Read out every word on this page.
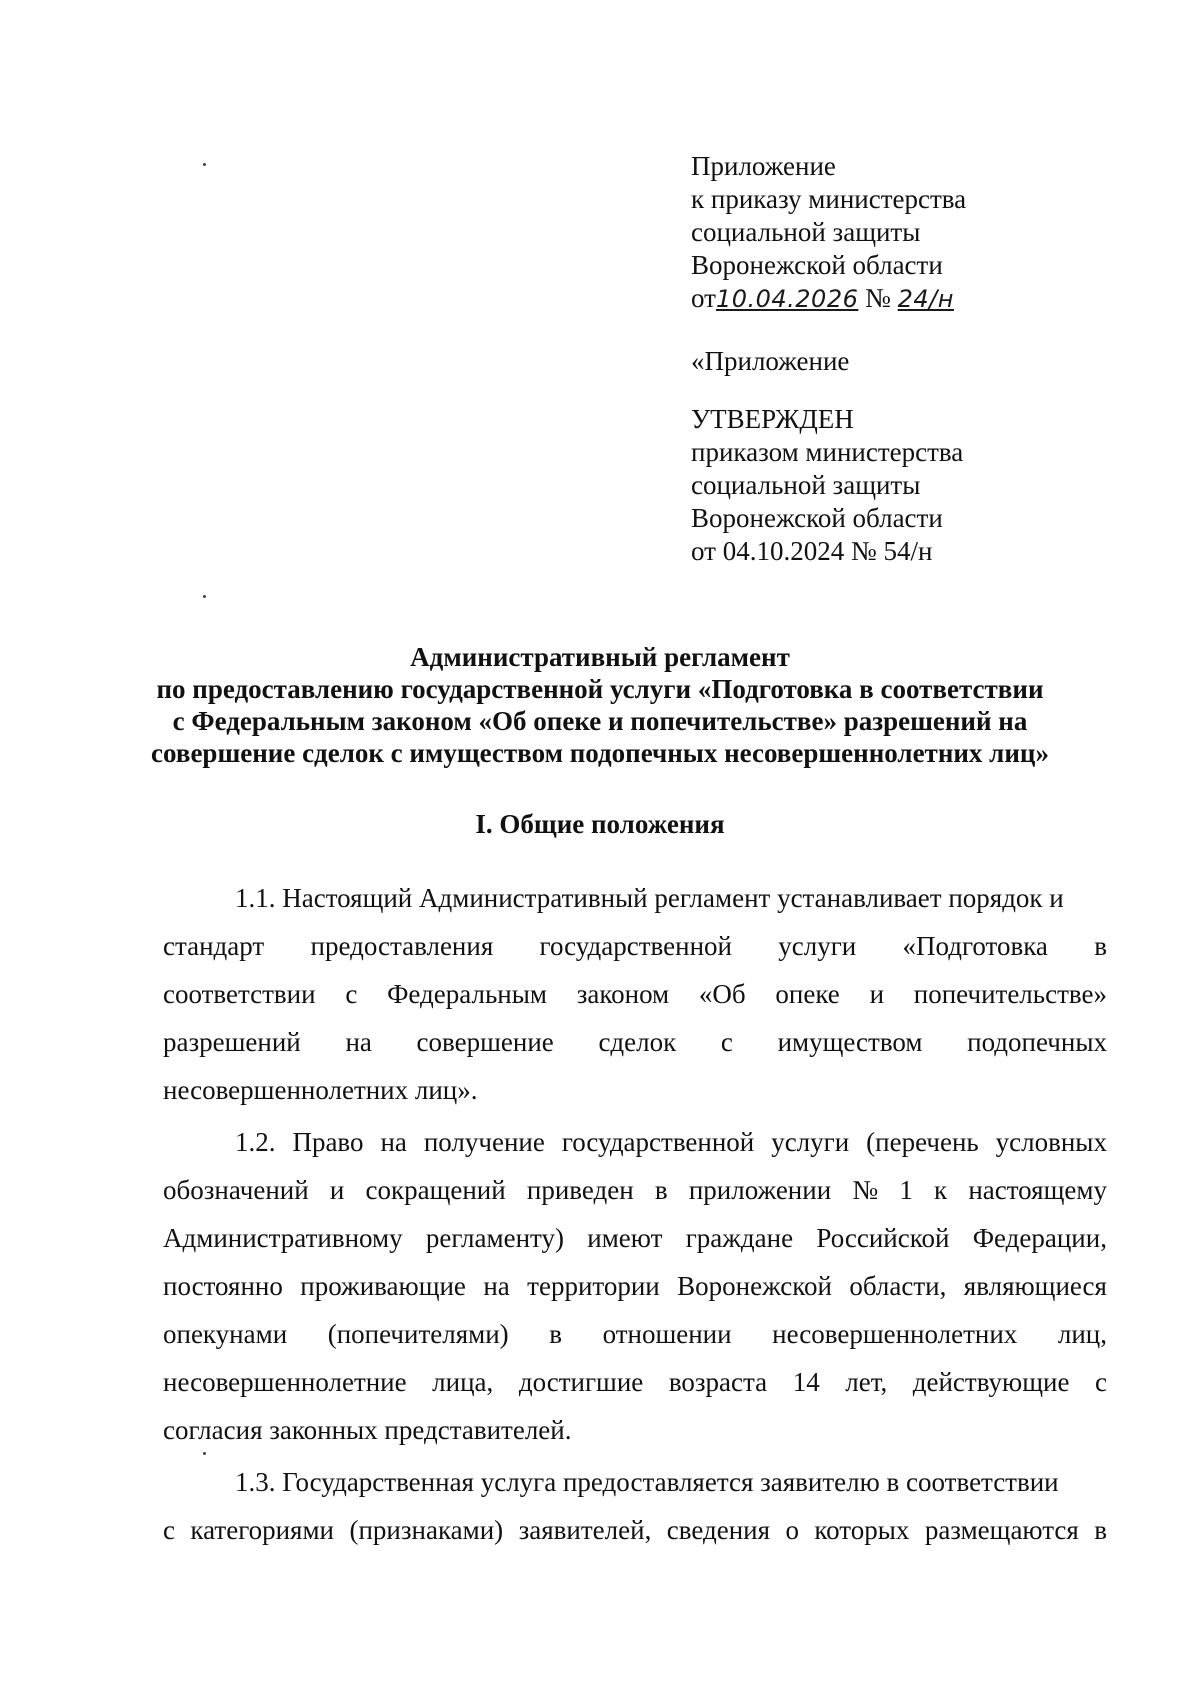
Приложение
к приказу министерства
социальной защиты
Воронежской области
от10.04.2026 № 24/н
«Приложение
УТВЕРЖДЕН
приказом министерства
социальной защиты
Воронежской области
от 04.10.2024 № 54/н
Административный регламент
по предоставлению государственной услуги «Подготовка в соответствии
с Федеральным законом «Об опеке и попечительстве» разрешений на
совершение сделок с имуществом подопечных несовершеннолетних лиц»
I. Общие положения
1.1. Настоящий Административный регламент устанавливает порядок и
стандарт предоставления государственной услуги «Подготовка в
соответствии с Федеральным законом «Об опеке и попечительстве»
разрешений на совершение сделок с имуществом подопечных
несовершеннолетних лиц».
1.2. Право на получение государственной услуги (перечень условных
обозначений и сокращений приведен в приложении № 1 к настоящему
Административному регламенту) имеют граждане Российской Федерации,
постоянно проживающие на территории Воронежской области, являющиеся
опекунами (попечителями) в отношении несовершеннолетних лиц,
несовершеннолетние лица, достигшие возраста 14 лет, действующие с
согласия законных представителей.
1.3. Государственная услуга предоставляется заявителю в соответствии
с категориями (признаками) заявителей, сведения о которых размещаются в
